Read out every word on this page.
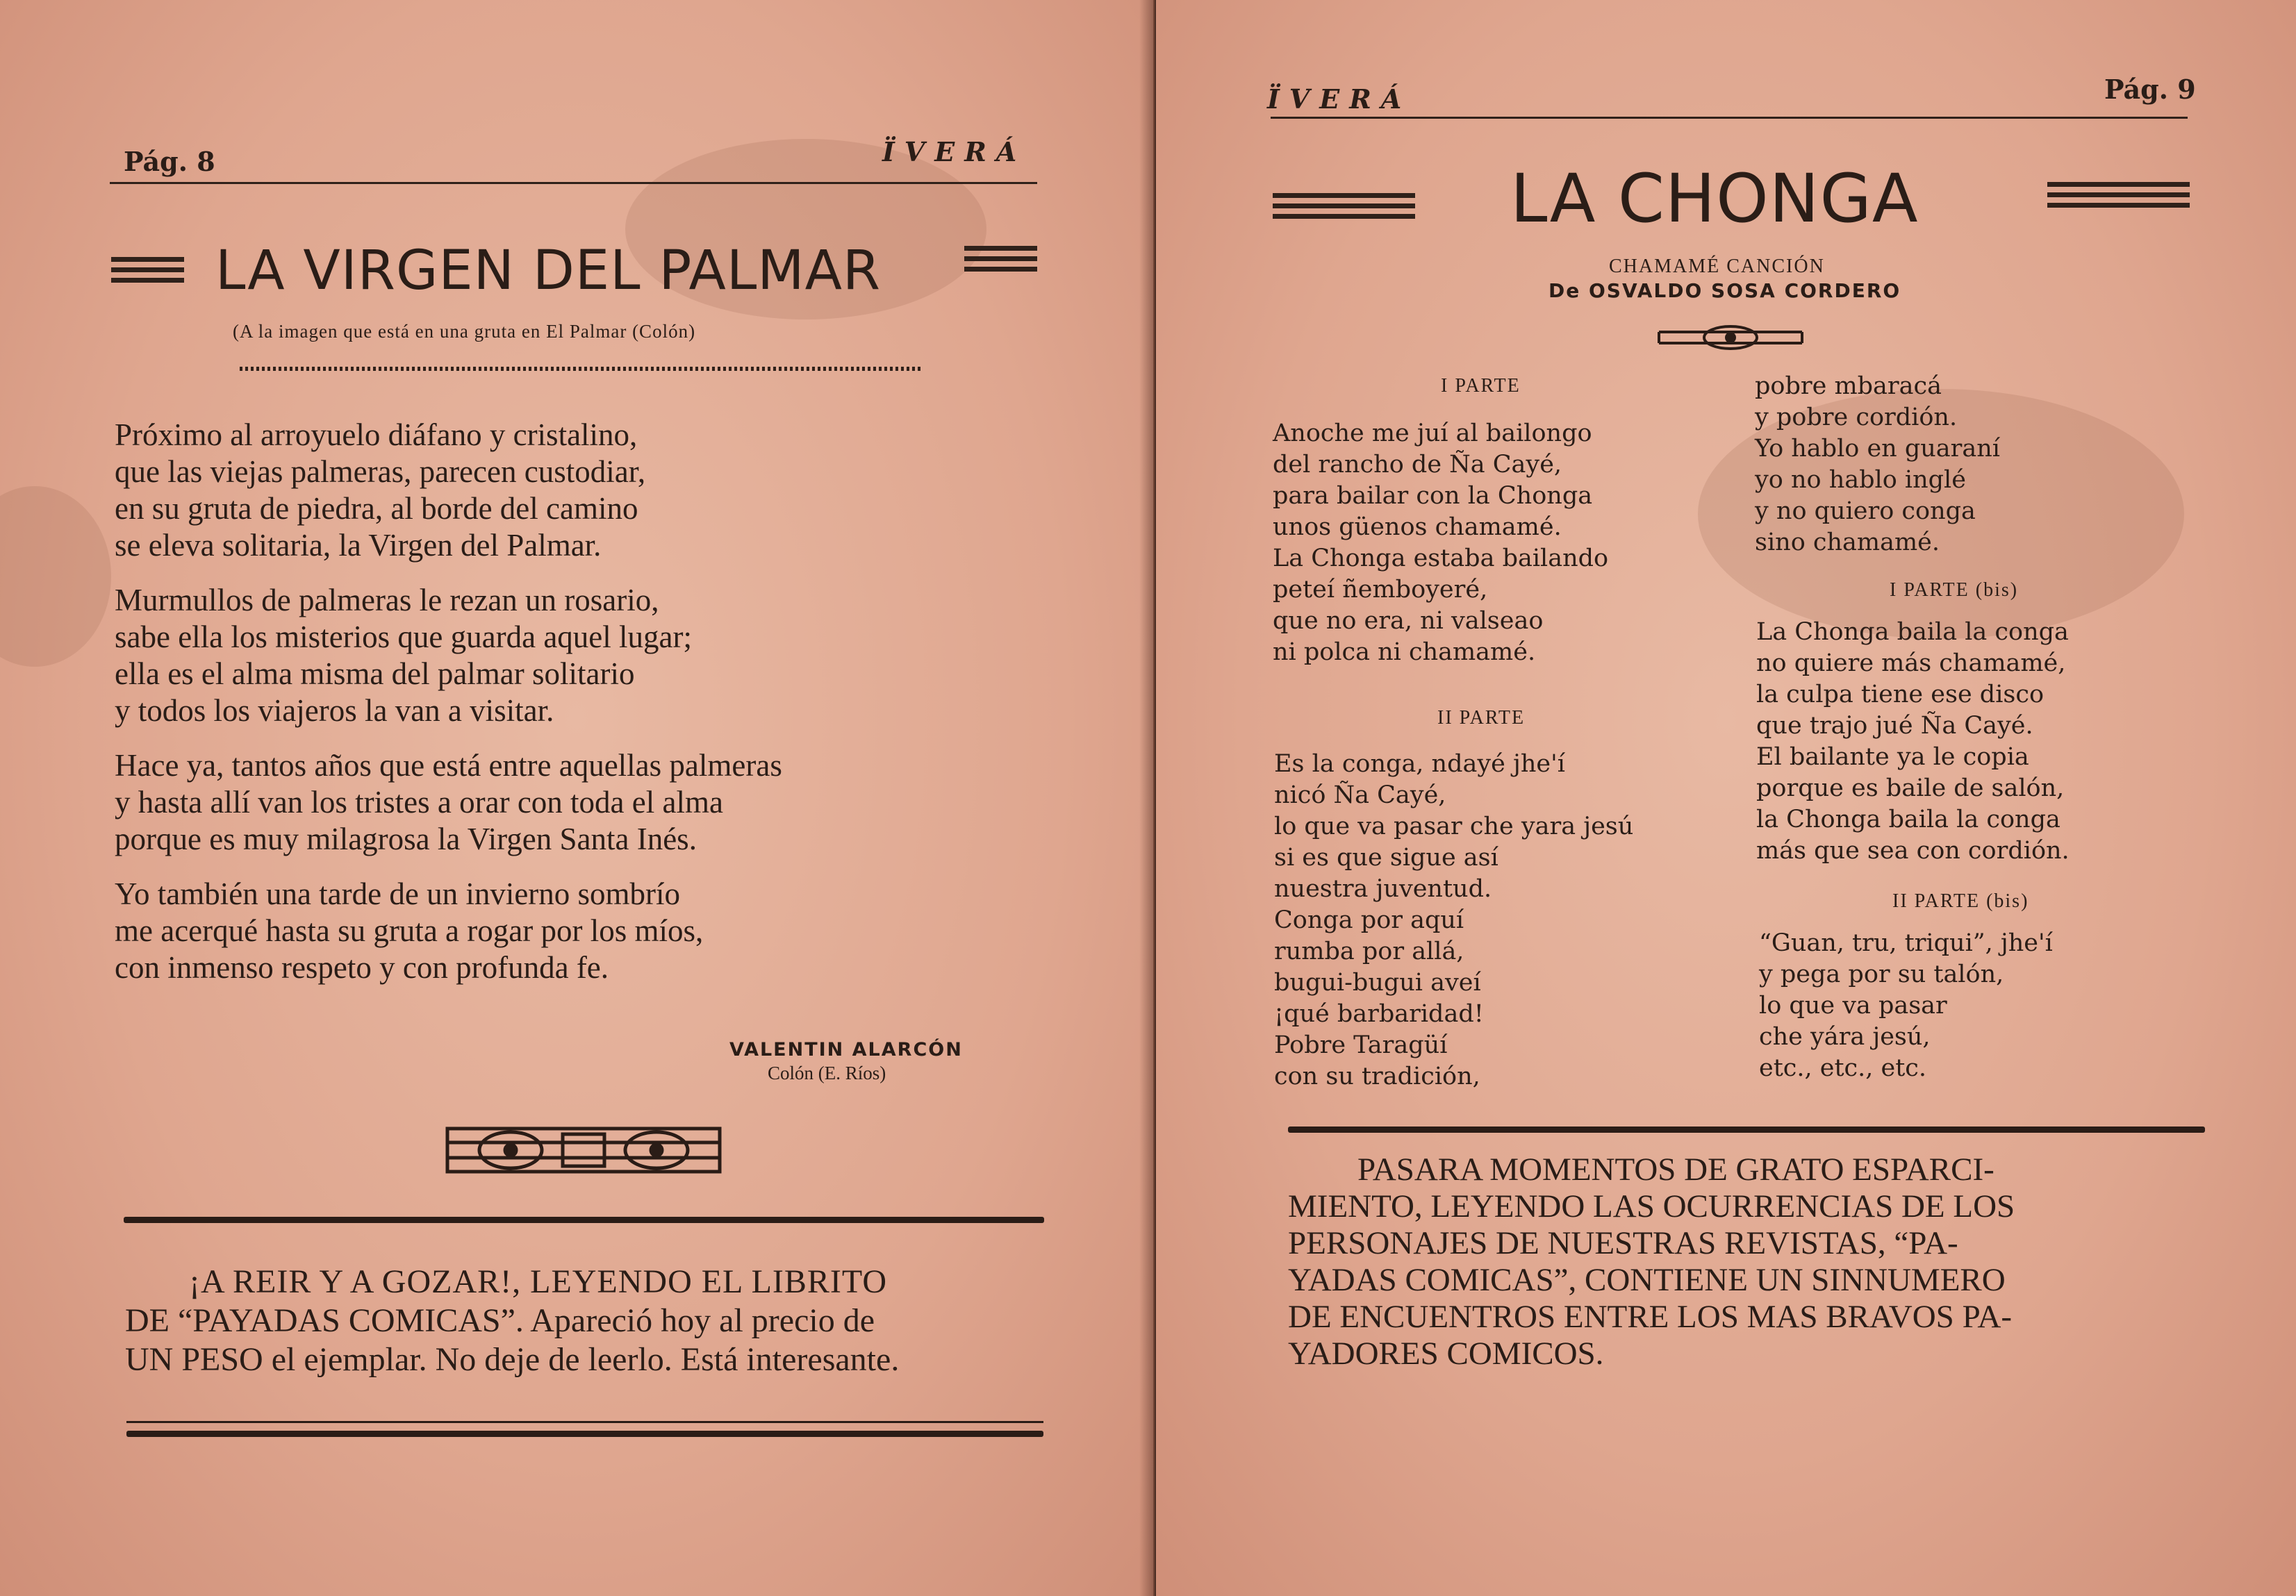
Pág. 8	ÏVERÁ
LA VIRGEN DEL PALMAR
(A la imagen que está en una gruta en El Palmar (Colón)

Próximo al arroyuelo diáfano y cristalino,
que las viejas palmeras, parecen custodiar,
en su gruta de piedra, al borde del camino
se eleva solitaria, la Virgen del Palmar.

Murmullos de palmeras le rezan un rosario,
sabe ella los misterios que guarda aquel lugar;
ella es el alma misma del palmar solitario
y todos los viajeros la van a visitar.

Hace ya, tantos años que está entre aquellas palmeras
y hasta allí van los tristes a orar con toda el alma
porque es muy milagrosa la Virgen Santa Inés.

Yo también una tarde de un invierno sombrío
me acerqué hasta su gruta a rogar por los míos,
con inmenso respeto y con profunda fe.

VALENTIN ALARCÓN
Colón (E. Ríos)
¡A REIR Y A GOZAR!, LEYENDO EL LIBRITO
DE “PAYADAS COMICAS”. Apareció hoy al precio de
UN PESO el ejemplar. No deje de leerlo. Está interesante.
ÏVERÁ	Pág. 9
LA CHONGA
CHAMAMÉ CANCIÓN
De OSVALDO SOSA CORDERO
I PARTE
Anoche me juí al bailongo
del rancho de Ña Cayé,
para bailar con la Chonga
unos güenos chamamé.
La Chonga estaba bailando
peteí ñemboyeré,
que no era, ni valseao
ni polca ni chamamé.
II PARTE
Es la conga, ndayé jhe'í
nicó Ña Cayé,
lo que va pasar che yara jesú
si es que sigue así
nuestra juventud.
Conga por aquí
rumba por allá,
bugui-bugui aveí
¡qué barbaridad!
Pobre Taragüí
con su tradición,
pobre mbaracá
y pobre cordión.
Yo hablo en guaraní
yo no hablo inglé
y no quiero conga
sino chamamé.
I PARTE (bis)
La Chonga baila la conga
no quiere más chamamé,
la culpa tiene ese disco
que trajo jué Ña Cayé.
El bailante ya le copia
porque es baile de salón,
la Chonga baila la conga
más que sea con cordión.
II PARTE (bis)
“Guan, tru, triqui”, jhe'í
y pega por su talón,
lo que va pasar
che yára jesú,
etc., etc., etc.
PASARA MOMENTOS DE GRATO ESPARCI-
MIENTO, LEYENDO LAS OCURRENCIAS DE LOS
PERSONAJES DE NUESTRAS REVISTAS, “PA-
YADAS COMICAS”, CONTIENE UN SINNUMERO
DE ENCUENTROS ENTRE LOS MAS BRAVOS PA-
YADORES COMICOS.
